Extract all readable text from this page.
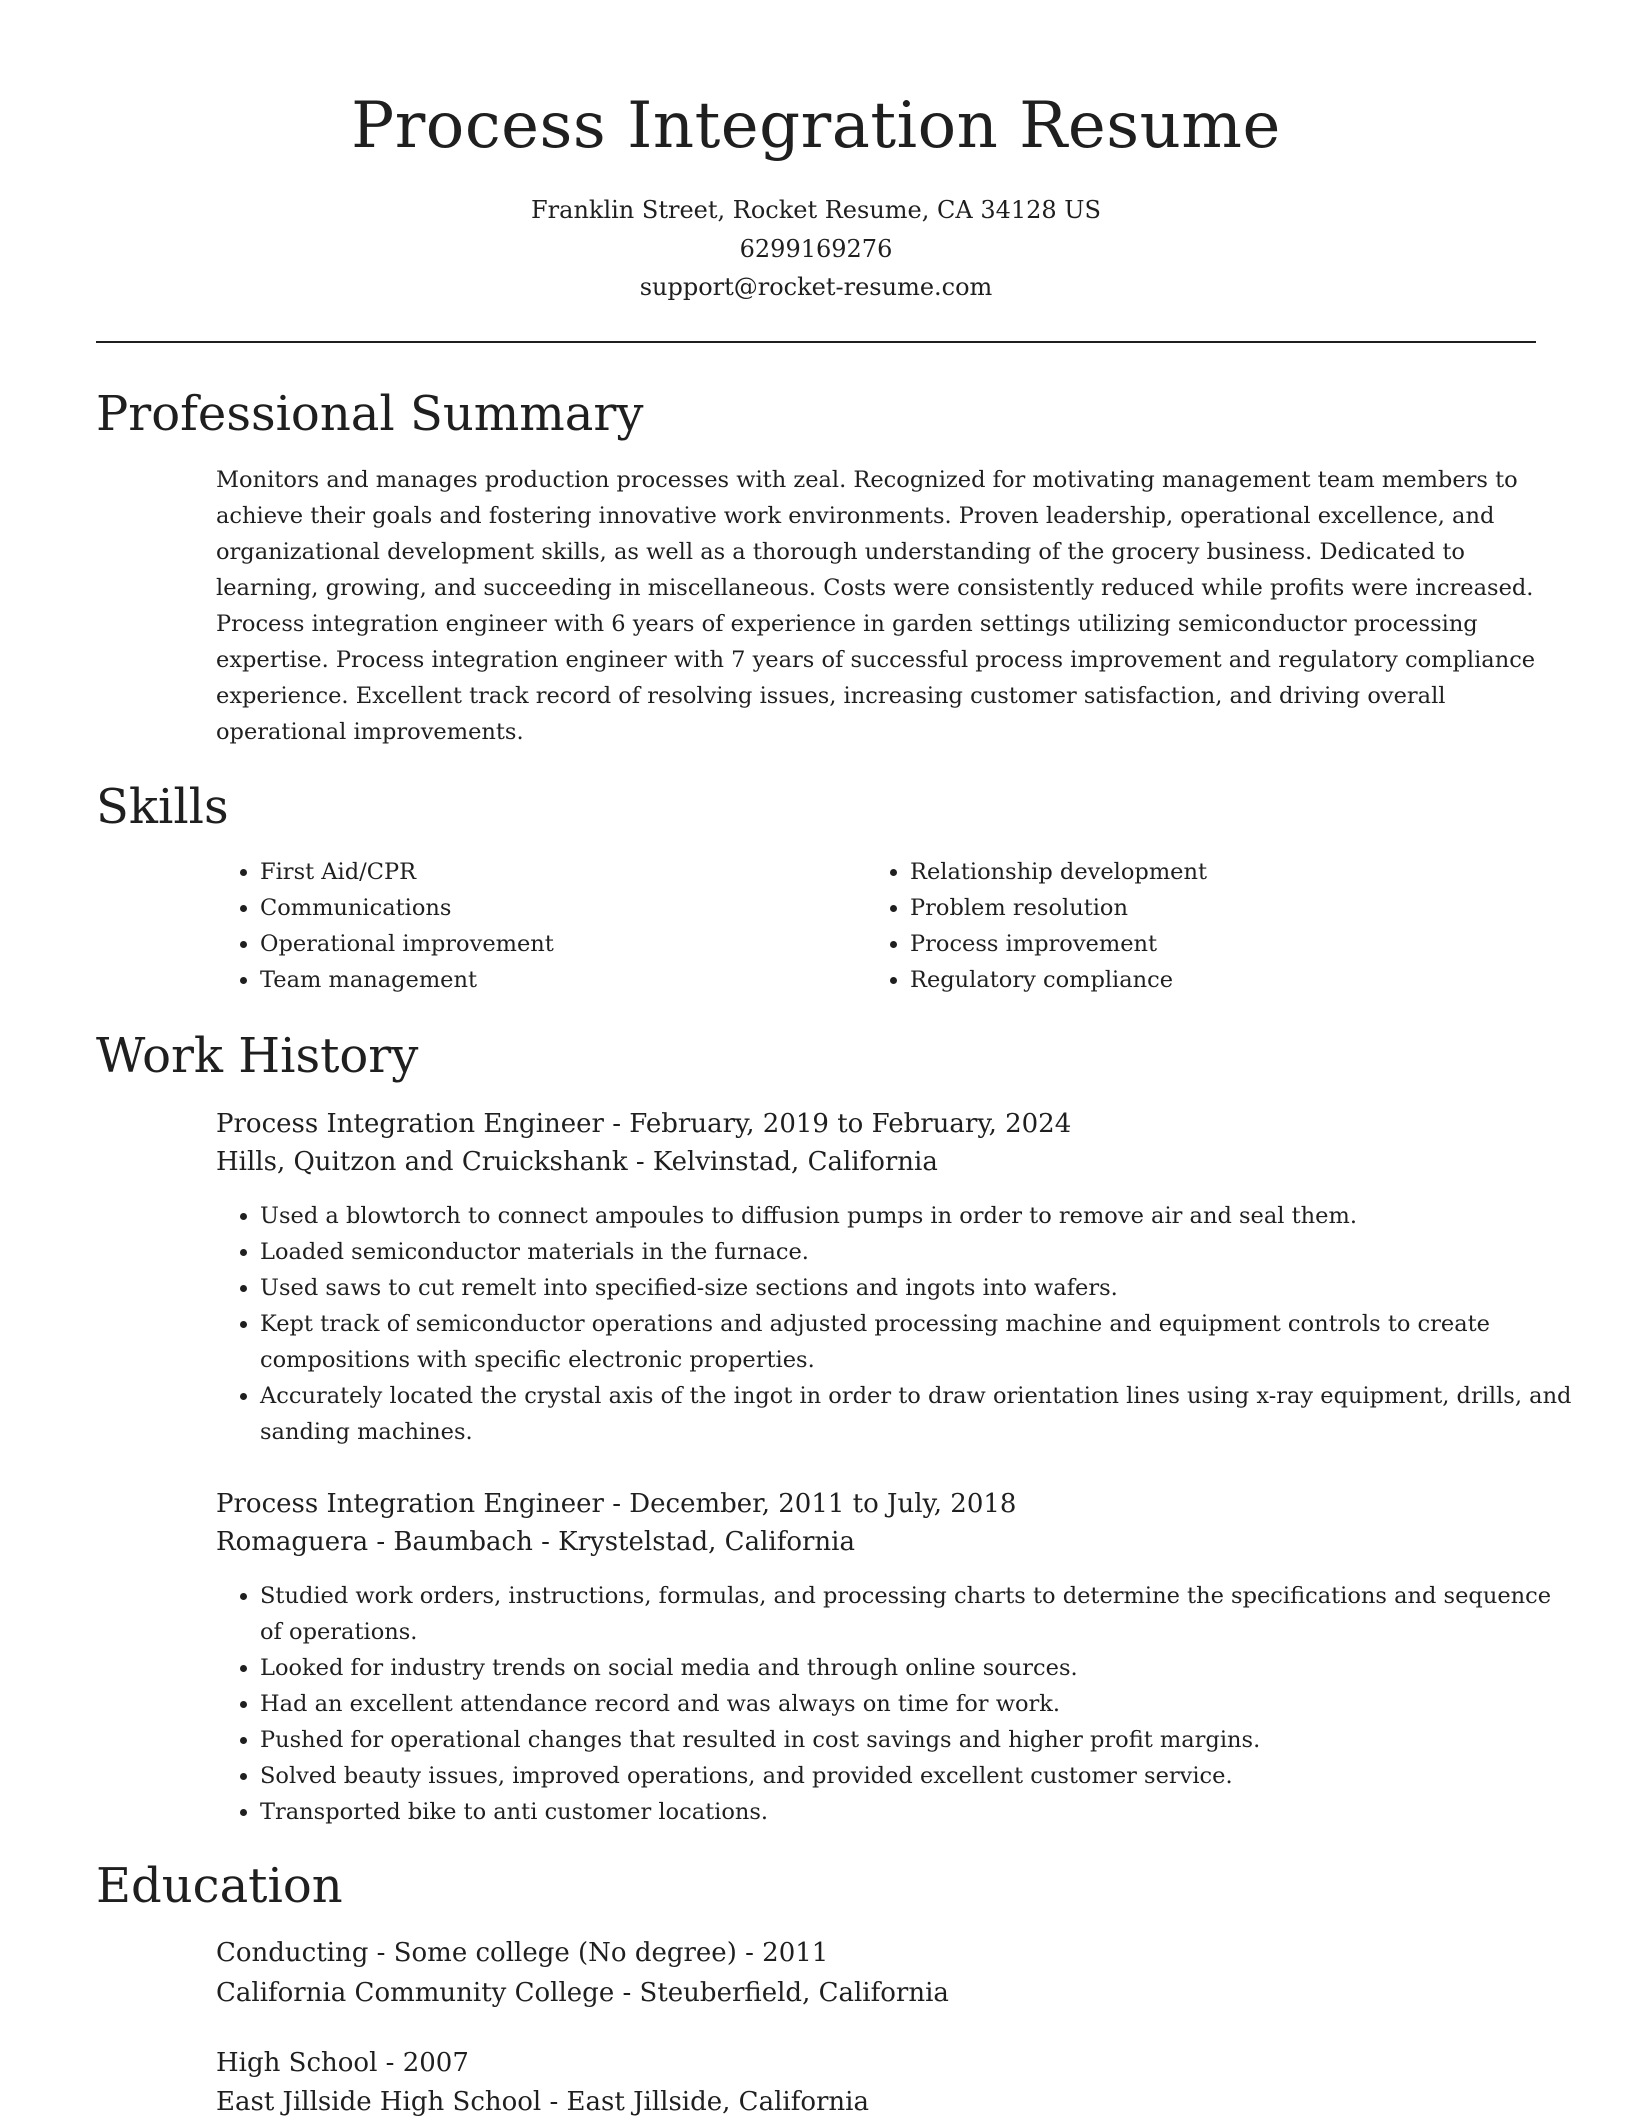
Process Integration Resume

Franklin Street, Rocket Resume, CA 34128 US

6299169276

support@rocket-resume.com

Professional Summary

Monitors and manages production processes with zeal. Recognized for motivating management team members to achieve their goals and fostering innovative work environments. Proven leadership, operational excellence, and organizational development skills, as well as a thorough understanding of the grocery business. Dedicated to learning, growing, and succeeding in miscellaneous. Costs were consistently reduced while profits were increased. Process integration engineer with 6 years of experience in garden settings utilizing semiconductor processing expertise. Process integration engineer with 7 years of successful process improvement and regulatory compliance experience. Excellent track record of resolving issues, increasing customer satisfaction, and driving overall operational improvements.

Skills
• First Aid/CPR
• Communications
• Operational improvement
• Team management
• Relationship development
• Problem resolution
• Process improvement
• Regulatory compliance
Work History

Process Integration Engineer - February, 2019 to February, 2024

Hills, Quitzon and Cruickshank - Kelvinstad, California

• Used a blowtorch to connect ampoules to diffusion pumps in order to remove air and seal them.
• Loaded semiconductor materials in the furnace.
• Used saws to cut remelt into specified-size sections and ingots into wafers.
• Kept track of semiconductor operations and adjusted processing machine and equipment controls to create compositions with specific electronic properties.
• Accurately located the crystal axis of the ingot in order to draw orientation lines using x-ray equipment, drills, and sanding machines.

Process Integration Engineer - December, 2011 to July, 2018

Romaguera - Baumbach - Krystelstad, California

• Studied work orders, instructions, formulas, and processing charts to determine the specifications and sequence of operations.
• Looked for industry trends on social media and through online sources.
• Had an excellent attendance record and was always on time for work.
• Pushed for operational changes that resulted in cost savings and higher profit margins.
• Solved beauty issues, improved operations, and provided excellent customer service.
• Transported bike to anti customer locations.
Education

Conducting - Some college (No degree) - 2011

California Community College - Steuberfield, California

High School - 2007

East Jillside High School - East Jillside, California
